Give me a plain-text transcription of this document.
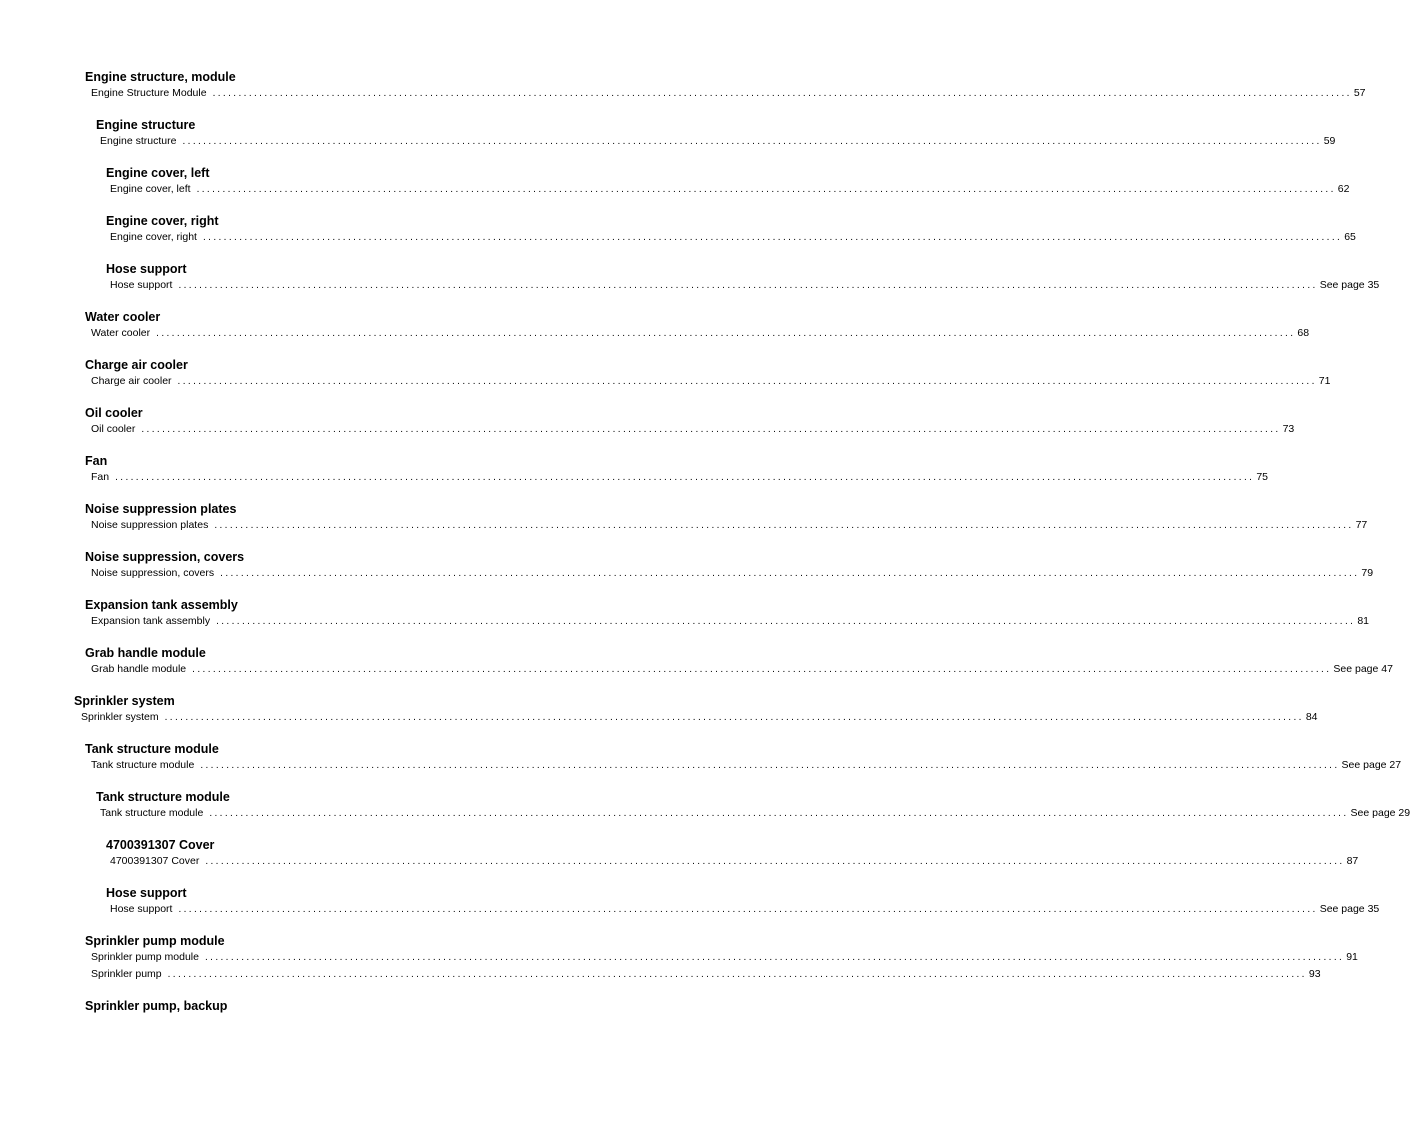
Engine structure, module
Engine Structure Module ............................................................................................................................................................................................................................ 57
Engine structure
Engine structure ............................................................................................................................................................................................................................ 59
Engine cover, left
Engine cover, left ............................................................................................................................................................................................................................ 62
Engine cover, right
Engine cover, right ............................................................................................................................................................................................................................ 65
Hose support
Hose support ............................................................................................................................................................................................................................ See page 35
Water cooler
Water cooler ............................................................................................................................................................................................................................ 68
Charge air cooler
Charge air cooler ............................................................................................................................................................................................................................ 71
Oil cooler
Oil cooler ............................................................................................................................................................................................................................ 73
Fan
Fan ............................................................................................................................................................................................................................ 75
Noise suppression plates
Noise suppression plates ............................................................................................................................................................................................................................ 77
Noise suppression, covers
Noise suppression, covers ............................................................................................................................................................................................................................ 79
Expansion tank assembly
Expansion tank assembly ............................................................................................................................................................................................................................ 81
Grab handle module
Grab handle module ............................................................................................................................................................................................................................ See page 47
Sprinkler system
Sprinkler system ............................................................................................................................................................................................................................ 84
Tank structure module
Tank structure module ............................................................................................................................................................................................................................ See page 27
Tank structure module
Tank structure module ............................................................................................................................................................................................................................ See page 29
4700391307 Cover
4700391307 Cover ............................................................................................................................................................................................................................ 87
Hose support
Hose support ............................................................................................................................................................................................................................ See page 35
Sprinkler pump module
Sprinkler pump module ............................................................................................................................................................................................................................ 91
Sprinkler pump ............................................................................................................................................................................................................................ 93
Sprinkler pump, backup
